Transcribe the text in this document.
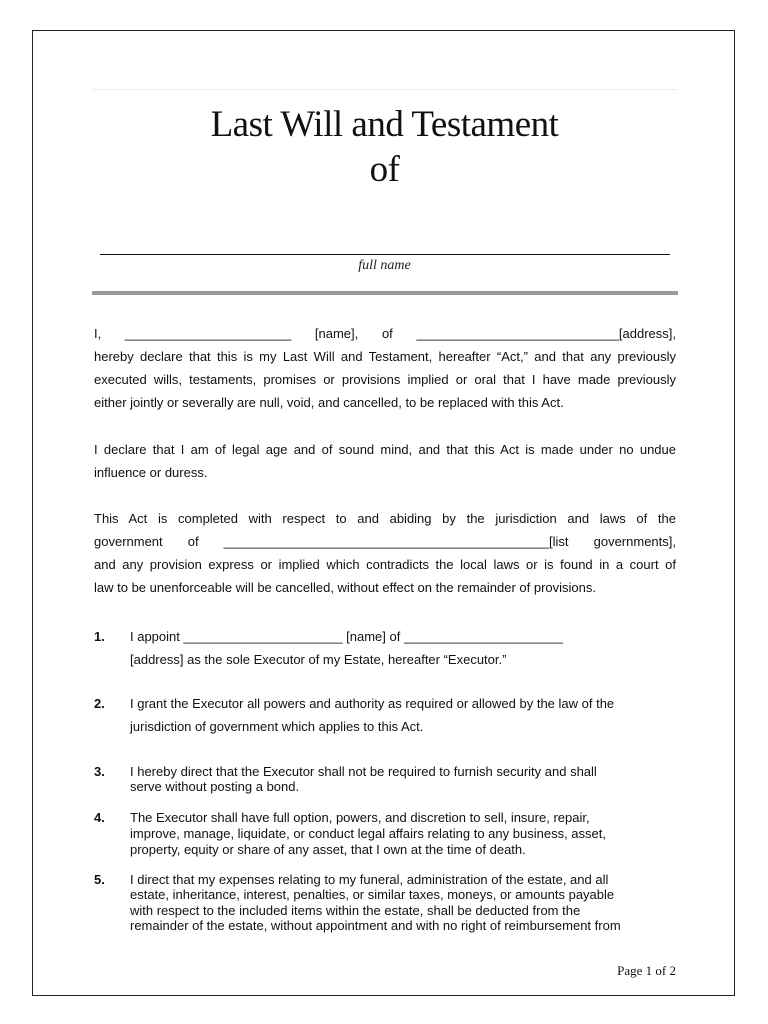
Last Will and Testament
of
full name
I, _______________________ [name], of ____________________________[address],
hereby declare that this is my Last Will and Testament, hereafter “Act,” and that any previously
executed wills, testaments, promises or provisions implied or oral that I have made previously
either jointly or severally are null, void, and cancelled, to be replaced with this Act.
I declare that I am of legal age and of sound mind, and that this Act is made under no undue
influence or duress.
This Act is completed with respect to and abiding by the jurisdiction and laws of the
government of _____________________________________________[list governments],
and any provision express or implied which contradicts the local laws or is found in a court of
law to be unenforceable will be cancelled, without effect on the remainder of provisions.
1. I appoint ______________________ [name] of ______________________
[address] as the sole Executor of my Estate, hereafter “Executor.”
2. I grant the Executor all powers and authority as required or allowed by the law of the
jurisdiction of government which applies to this Act.
3. I hereby direct that the Executor shall not be required to furnish security and shall
serve without posting a bond.
4. The Executor shall have full option, powers, and discretion to sell, insure, repair,
improve, manage, liquidate, or conduct legal affairs relating to any business, asset,
property, equity or share of any asset, that I own at the time of death.
5. I direct that my expenses relating to my funeral, administration of the estate, and all
estate, inheritance, interest, penalties, or similar taxes, moneys, or amounts payable
with respect to the included items within the estate, shall be deducted from the
remainder of the estate, without appointment and with no right of reimbursement from
Page 1 of 2
